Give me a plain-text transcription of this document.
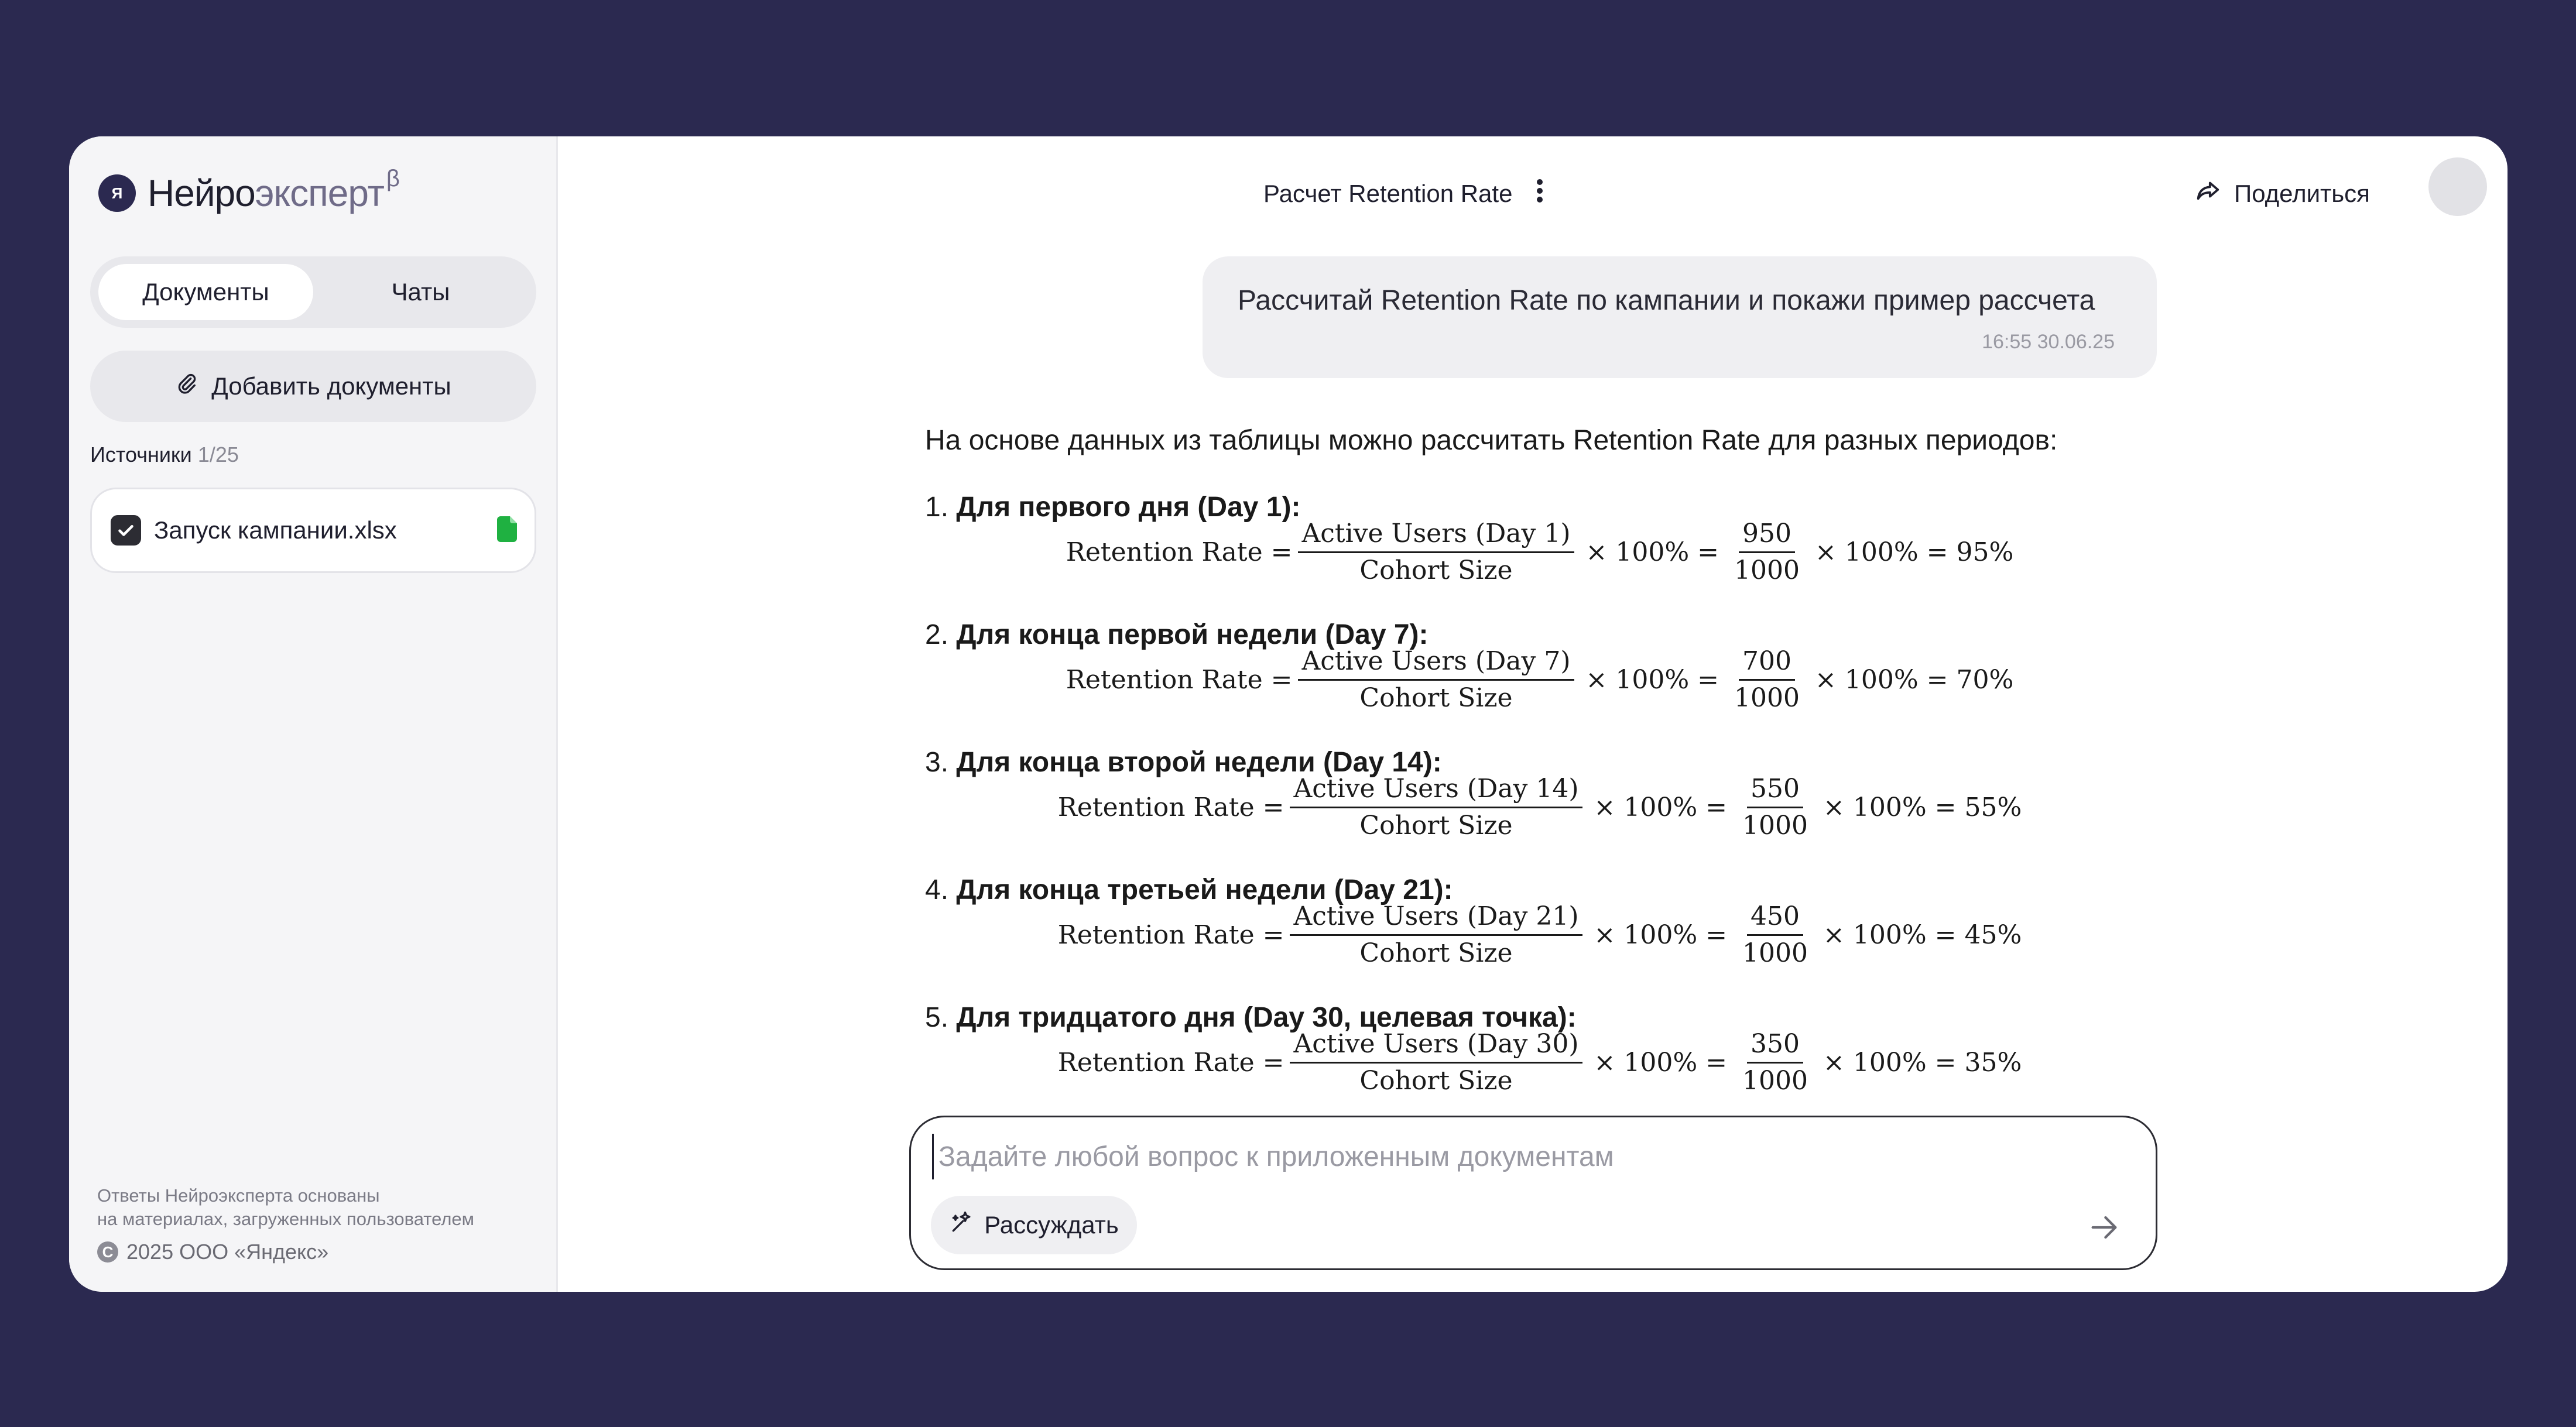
Я Нейро эксперт β
Документы	Чаты
Добавить документы
Источники 1/25
Запуск кампании.xlsx
Ответы Нейроэксперта основаны
на материалах, загруженных пользователем
С 2025 ООО «Яндекс»
Расчет Retention Rate	Поделиться
Рассчитай Retention Rate по кампании и покажи пример рассчета
16:55 30.06.25
На основе данных из таблицы можно рассчитать Retention Rate для разных периодов:
1. Для первого дня (Day 1):
Retention Rate = $\frac{\text{Active Users (Day 1)}}{\text{Cohort Size}} \times 100\% = \frac{950}{1000} \times 100\% = 95\%$
2. Для конца первой недели (Day 7):
Retention Rate = $\frac{\text{Active Users (Day 7)}}{\text{Cohort Size}} \times 100\% = \frac{700}{1000} \times 100\% = 70\%$
3. Для конца второй недели (Day 14):
Retention Rate = $\frac{\text{Active Users (Day 14)}}{\text{Cohort Size}} \times 100\% = \frac{550}{1000} \times 100\% = 55\%$
4. Для конца третьей недели (Day 21):
Retention Rate = $\frac{\text{Active Users (Day 21)}}{\text{Cohort Size}} \times 100\% = \frac{450}{1000} \times 100\% = 45\%$
5. Для тридцатого дня (Day 30, целевая точка):
Retention Rate = $\frac{\text{Active Users (Day 30)}}{\text{Cohort Size}} \times 100\% = \frac{350}{1000} \times 100\% = 35\%$
Задайте любой вопрос к приложенным документам
Рассуждать
